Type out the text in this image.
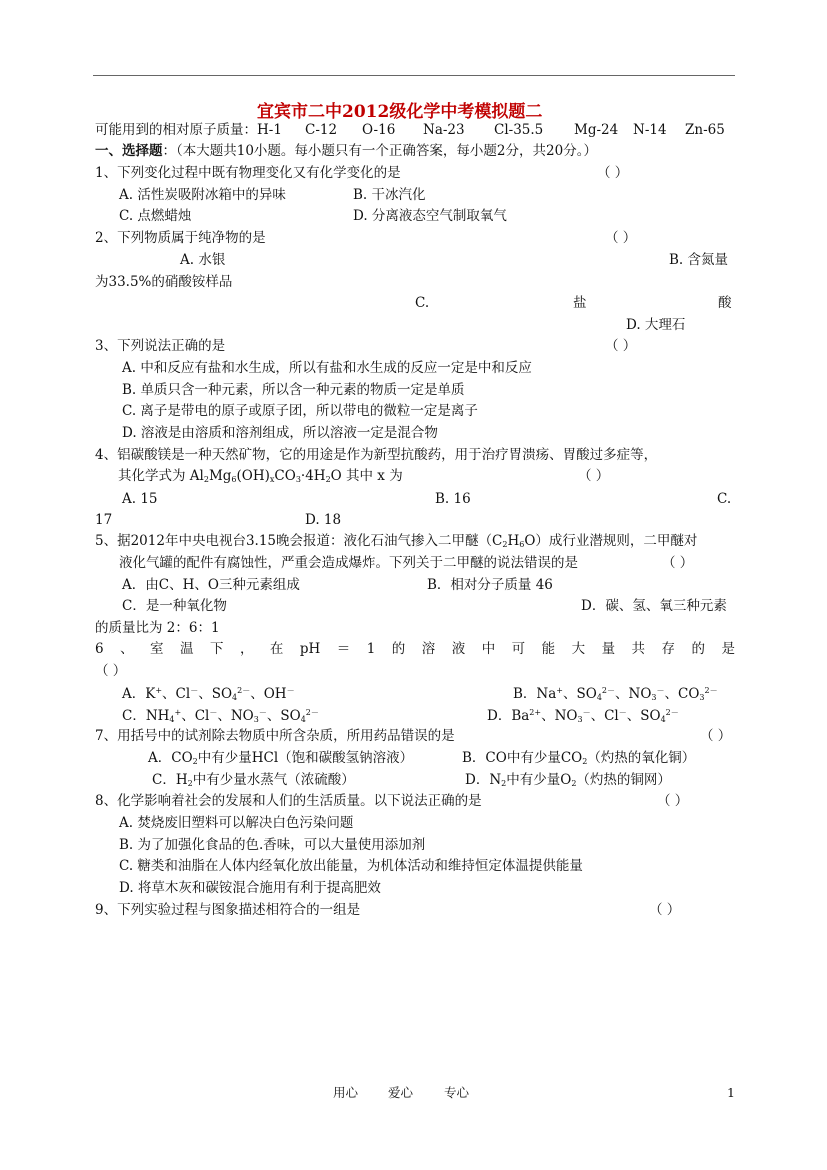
宜宾市二中2012级化学中考模拟题二
可能用到的相对原子质量：H-1 C-12 O-16 Na-23 Cl-35.5 Mg-24 N-14 Zn-65
一、选择题：（本大题共10小题。每小题只有一个正确答案，每小题2分，共20分。）
1、下列变化过程中既有物理变化又有化学变化的是	（ ）
A. 活性炭吸附冰箱中的异味	B. 干冰汽化
C. 点燃蜡烛	D. 分离液态空气制取氧气
2、下列物质属于纯净物的是	（ ）
A. 水银	B. 含氮量
为33.5%的硝酸铵样品
C.	盐	酸
D. 大理石
3、下列说法正确的是	（ ）
A. 中和反应有盐和水生成，所以有盐和水生成的反应一定是中和反应
B. 单质只含一种元素，所以含一种元素的物质一定是单质
C. 离子是带电的原子或原子团，所以带电的微粒一定是离子
D. 溶液是由溶质和溶剂组成，所以溶液一定是混合物
4、铝碳酸镁是一种天然矿物，它的用途是作为新型抗酸药，用于治疗胃溃疡、胃酸过多症等，
其化学式为 $Al_2Mg_6(OH)_xCO_3\cdot 4H_2O$ 其中 x 为	（ ）
A. 15	B. 16	C.
17	D. 18
5、据2012年中央电视台3.15晚会报道：液化石油气掺入二甲醚$(C_2H_6O)$成行业潜规则，二甲醚对
液化气罐的配件有腐蚀性，严重会造成爆炸。下列关于二甲醚的说法错误的是	（ ）
A．由C、H、O三种元素组成	B．相对分子质量 46
C．是一种氧化物	D．碳、氢、氧三种元素
的质量比为 2：6：1
6 、 室 温 下 ， 在 pH ＝ 1 的 溶 液 中 可 能 大 量 共 存 的 是
（ ）
A．K+、Cl－、$SO_4^{2-}$、OH－	B．Na+、$SO_4^{2-}$、$NO_3^-$、$CO_3^{2-}$
C．$NH_4^+$、Cl－、$NO_3^-$、$SO_4^{2-}$	D．$Ba^{2+}$、$NO_3^-$、Cl－、$SO_4^{2-}$
7、用括号中的试剂除去物质中所含杂质，所用药品错误的是	（ ）
A．$CO_2$中有少量HCl（饱和碳酸氢钠溶液）	B．CO中有少量$CO_2$（灼热的氧化铜）
C．$H_2$中有少量水蒸气（浓硫酸）	D．$N_2$中有少量$O_2$（灼热的铜网）
8、化学影响着社会的发展和人们的生活质量。以下说法正确的是	（ ）
A. 焚烧废旧塑料可以解决白色污染问题
B. 为了加强化食品的色.香味，可以大量使用添加剂
C. 糖类和油脂在人体内经氧化放出能量，为机体活动和维持恒定体温提供能量
D. 将草木灰和碳铵混合施用有利于提高肥效
9、下列实验过程与图象描述相符合的一组是	（ ）
用心 爱心 专心	1
